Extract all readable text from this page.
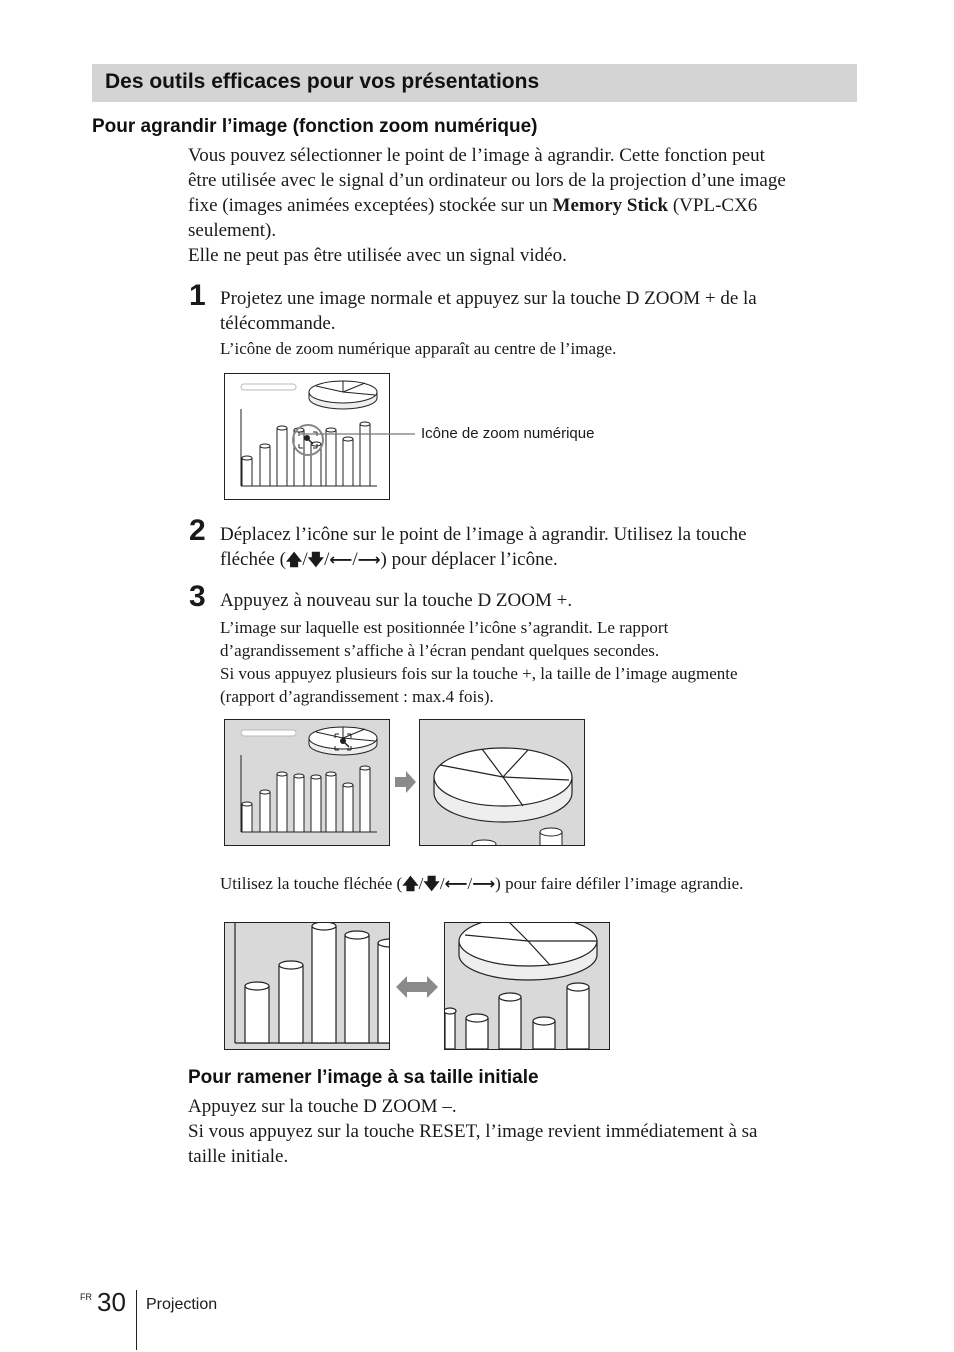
Des outils efficaces pour vos présentations
Pour agrandir l’image (fonction zoom numérique)
Vous pouvez sélectionner le point de l’image à agrandir. Cette fonction peut
être utilisée avec le signal d’un ordinateur ou lors de la projection d’une image
fixe (images animées exceptées) stockée sur un Memory Stick (VPL-CX6
seulement).
Elle ne peut pas être utilisée avec un signal vidéo.
1 Projetez une image normale et appuyez sur la touche D ZOOM + de la
télécommande.
L’icône de zoom numérique apparaît au centre de l’image.
Icône de zoom numérique
2 Déplacez l’icône sur le point de l’image à agrandir. Utilisez la touche
fléchée (🡅/🡇/⟵/⟶) pour déplacer l’icône.
3 Appuyez à nouveau sur la touche D ZOOM +.
L’image sur laquelle est positionnée l’icône s’agrandit. Le rapport
d’agrandissement s’affiche à l’écran pendant quelques secondes.
Si vous appuyez plusieurs fois sur la touche +, la taille de l’image augmente
(rapport d’agrandissement : max.4 fois).
Utilisez la touche fléchée (🡅/🡇/⟵/⟶) pour faire défiler l’image agrandie.
Pour ramener l’image à sa taille initiale
Appuyez sur la touche D ZOOM –.
Si vous appuyez sur la touche RESET, l’image revient immédiatement à sa
taille initiale.
FR 30 Projection
